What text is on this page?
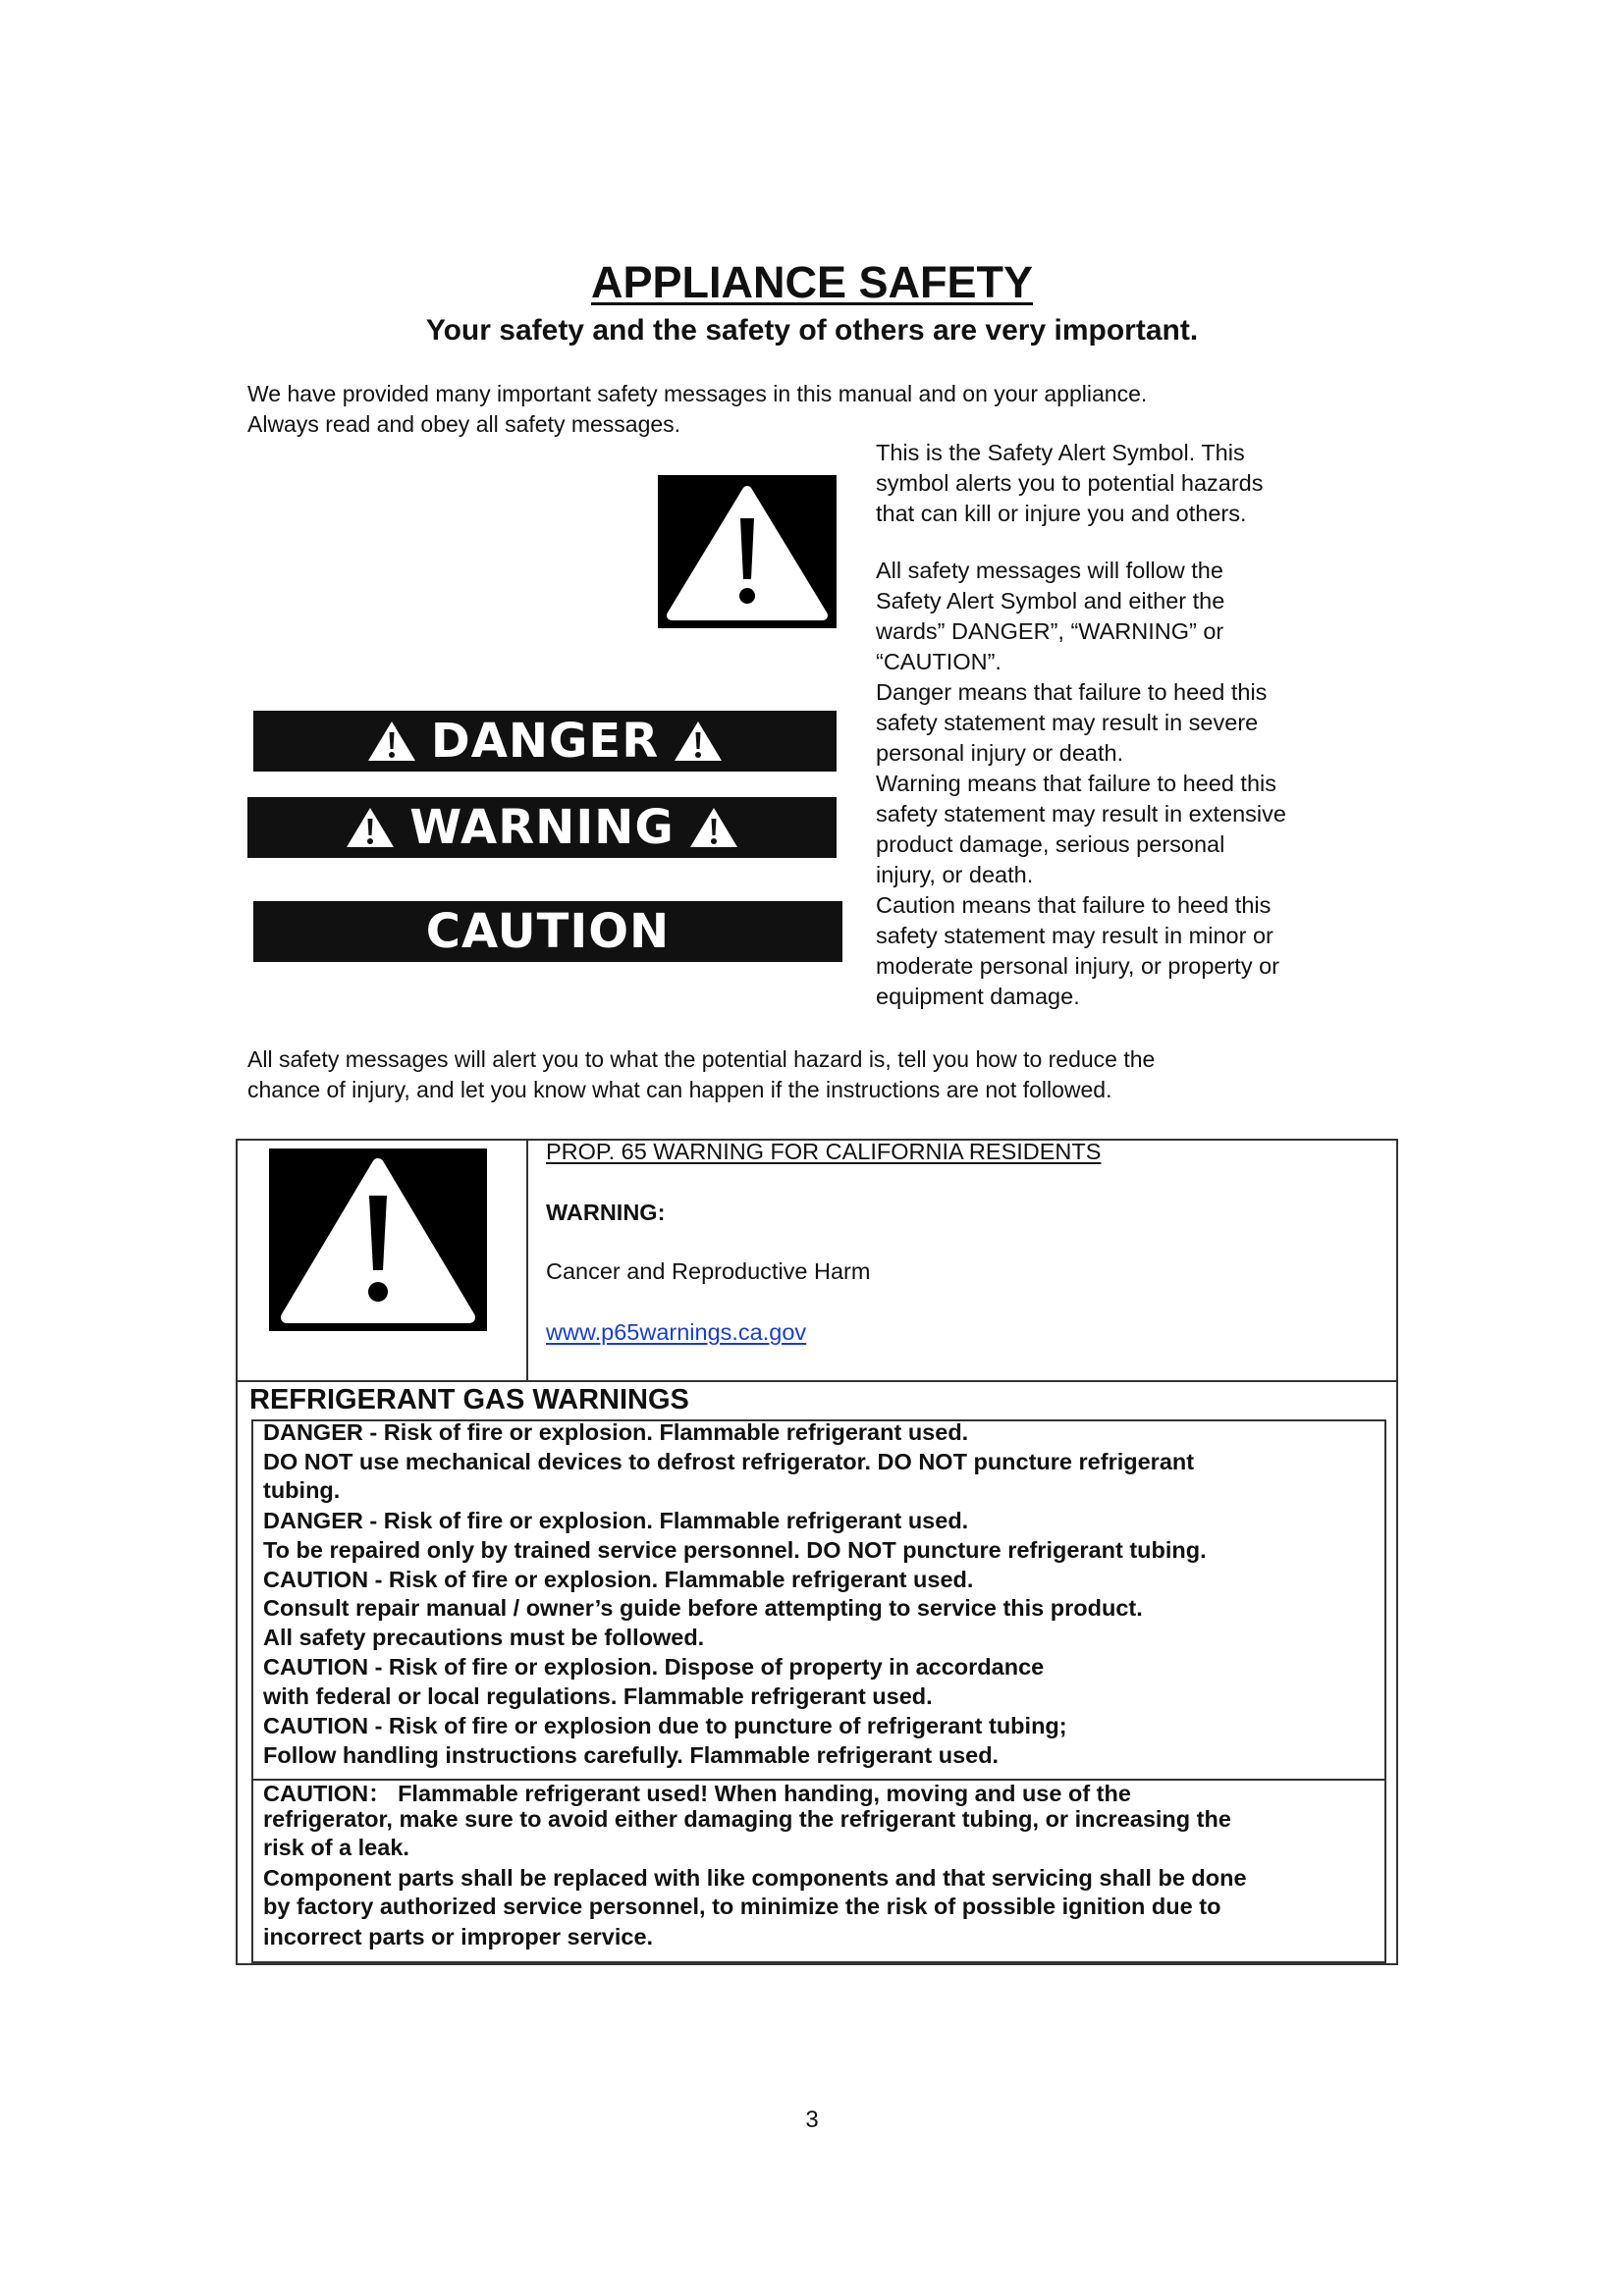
APPLIANCE SAFETY
Your safety and the safety of others are very important.
We have provided many important safety messages in this manual and on your appliance.
Always read and obey all safety messages.

This is the Safety Alert Symbol. This
symbol alerts you to potential hazards
that can kill or injure you and others.

All safety messages will follow the
Safety Alert Symbol and either the
wards” DANGER”, “WARNING” or
“CAUTION”.

Danger means that failure to heed this
safety statement may result in severe
personal injury or death.

Warning means that failure to heed this
safety statement may result in extensive
product damage, serious personal
injury, or death.

Caution means that failure to heed this
safety statement may result in minor or
moderate personal injury, or property or
equipment damage.

DANGER
WARNING
CAUTION
All safety messages will alert you to what the potential hazard is, tell you how to reduce the
chance of injury, and let you know what can happen if the instructions are not followed.
PROP. 65 WARNING FOR CALIFORNIA RESIDENTS
WARNING:
Cancer and Reproductive Harm
www.p65warnings.ca.gov
REFRIGERANT GAS WARNINGS
DANGER - Risk of fire or explosion. Flammable refrigerant used.
DO NOT use mechanical devices to defrost refrigerator. DO NOT puncture refrigerant
tubing.
DANGER - Risk of fire or explosion. Flammable refrigerant used.
To be repaired only by trained service personnel. DO NOT puncture refrigerant tubing.
CAUTION - Risk of fire or explosion. Flammable refrigerant used.
Consult repair manual / owner’s guide before attempting to service this product.
All safety precautions must be followed.
CAUTION - Risk of fire or explosion. Dispose of property in accordance
with federal or local regulations. Flammable refrigerant used.
CAUTION - Risk of fire or explosion due to puncture of refrigerant tubing;
Follow handling instructions carefully. Flammable refrigerant used.
CAUTION： Flammable refrigerant used! When handing, moving and use of the
refrigerator, make sure to avoid either damaging the refrigerant tubing, or increasing the
risk of a leak.
Component parts shall be replaced with like components and that servicing shall be done
by factory authorized service personnel, to minimize the risk of possible ignition due to
incorrect parts or improper service.
3
